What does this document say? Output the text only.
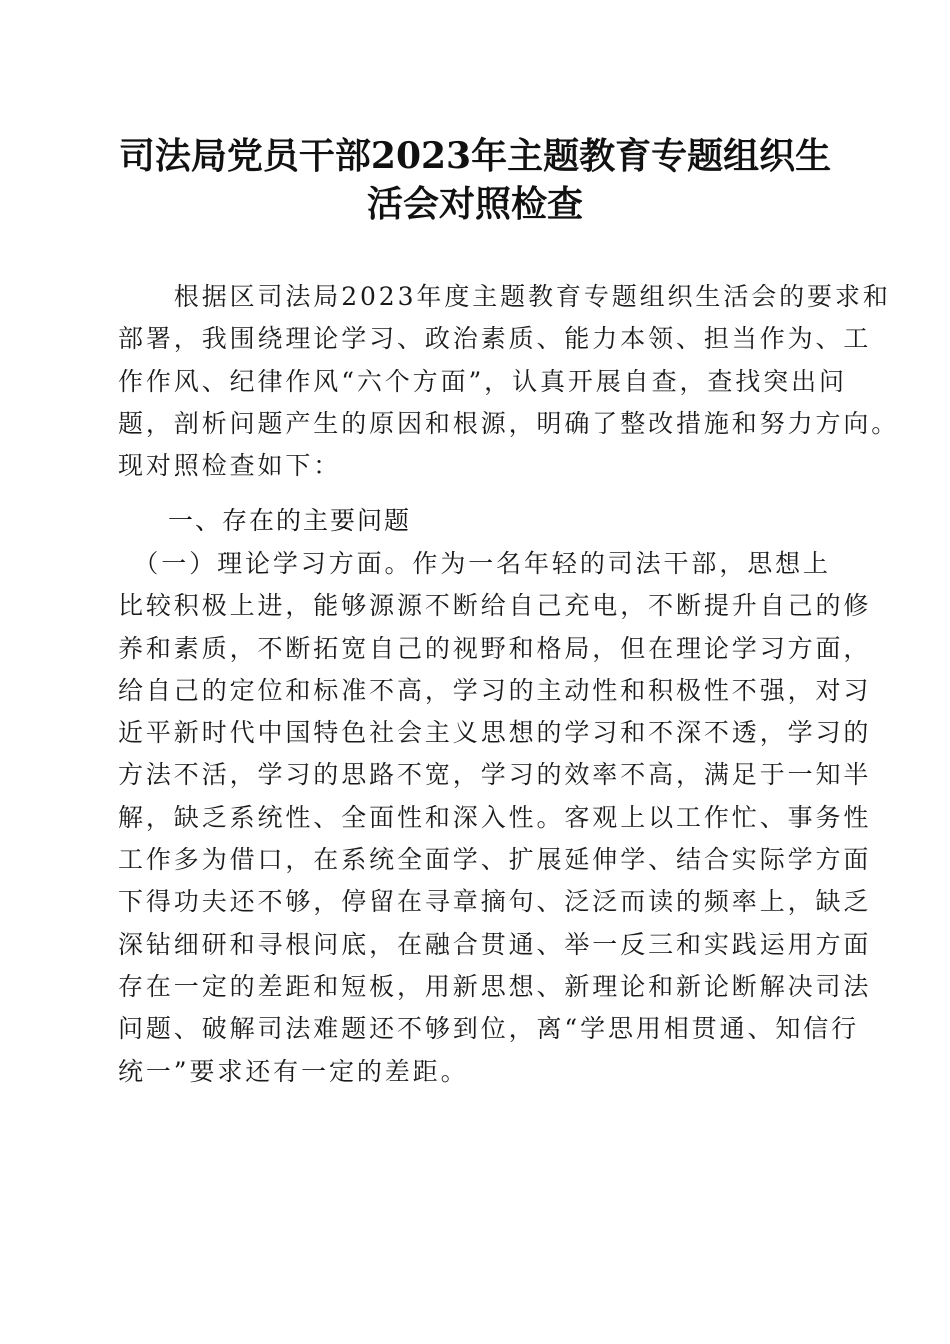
司法局党员干部2023年主题教育专题组织生
活会对照检查
　　根据区司法局2023年度主题教育专题组织生活会的要求和
部署，我围绕理论学习、政治素质、能力本领、担当作为、工
作作风、纪律作风“六个方面”，认真开展自查，查找突出问
题，剖析问题产生的原因和根源，明确了整改措施和努力方向。
现对照检查如下：
一、存在的主要问题
　（一）理论学习方面。作为一名年轻的司法干部，思想上
比较积极上进，能够源源不断给自己充电，不断提升自己的修
养和素质，不断拓宽自己的视野和格局，但在理论学习方面，
给自己的定位和标准不高，学习的主动性和积极性不强，对习
近平新时代中国特色社会主义思想的学习和不深不透，学习的
方法不活，学习的思路不宽，学习的效率不高，满足于一知半
解，缺乏系统性、全面性和深入性。客观上以工作忙、事务性
工作多为借口，在系统全面学、扩展延伸学、结合实际学方面
下得功夫还不够，停留在寻章摘句、泛泛而读的频率上，缺乏
深钻细研和寻根问底，在融合贯通、举一反三和实践运用方面
存在一定的差距和短板，用新思想、新理论和新论断解决司法
问题、破解司法难题还不够到位，离“学思用相贯通、知信行
统一”要求还有一定的差距。
